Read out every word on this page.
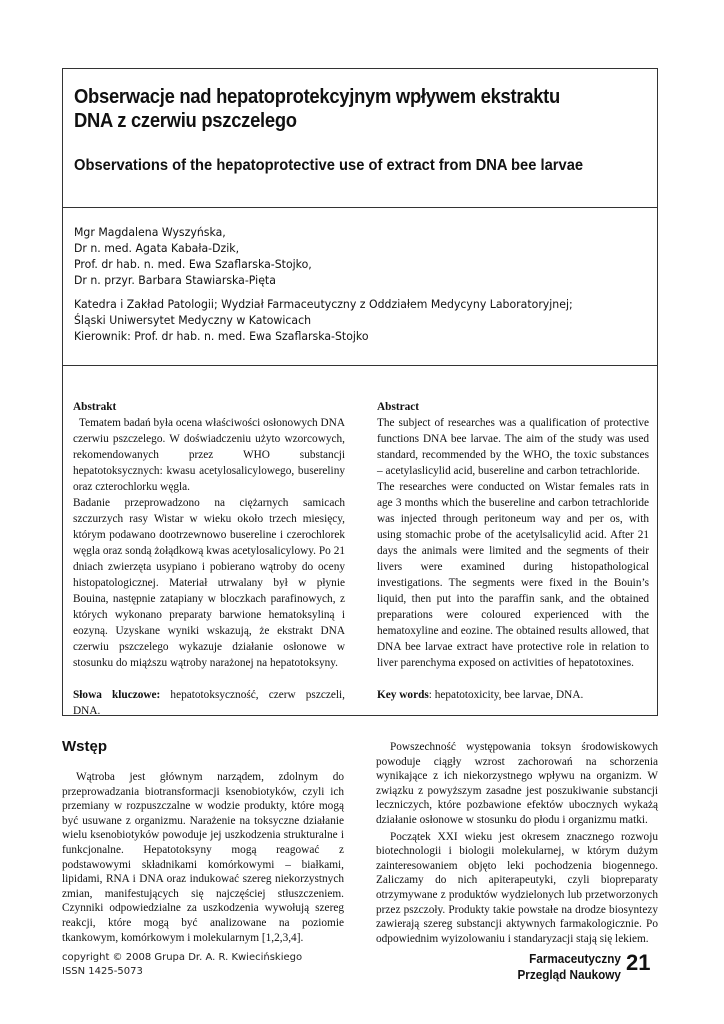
Obserwacje nad hepatoprotekcyjnym wpływem ekstraktu DNA z czerwiu pszczelego
Observations of the hepatoprotective use of extract from DNA bee larvae
Mgr Magdalena Wyszyńska,
Dr n. med. Agata Kabała-Dzik,
Prof. dr hab. n. med. Ewa Szaflarska-Stojko,
Dr n. przyr. Barbara Stawiarska-Pięta
Katedra i Zakład Patologii; Wydział Farmaceutyczny z Oddziałem Medycyny Laboratoryjnej;
Śląski Uniwersytet Medyczny w Katowicach
Kierownik: Prof. dr hab. n. med. Ewa Szaflarska-Stojko

Abstrakt

Tematem badań była ocena właściwości osłonowych DNA czerwiu pszczelego. W doświadczeniu użyto wzorcowych, rekomendowanych przez WHO substancji hepatotoksycznych: kwasu acetylosalicylowego, busereliny oraz czterochlorku węgla.

Badanie przeprowadzono na ciężarnych samicach szczurzych rasy Wistar w wieku około trzech miesięcy, którym podawano dootrzewnowo busereline i czerochlorek węgla oraz sondą żołądkową kwas acetylosalicylowy. Po 21 dniach zwierzęta usypiano i pobierano wątroby do oceny histopatologicznej. Materiał utrwalany był w płynie Bouina, następnie zatapiany w bloczkach parafinowych, z których wykonano preparaty barwione hematoksyliną i eozyną. Uzyskane wyniki wskazują, że ekstrakt DNA czerwiu pszczelego wykazuje działanie osłonowe w stosunku do miąższu wątroby narażonej na hepatotoksyny.

Słowa kluczowe: hepatotoksyczność, czerw pszczeli, DNA.

Abstract

The subject of researches was a qualification of protective functions DNA bee larvae. The aim of the study was used standard, recommended by the WHO, the toxic substances – acetylaslicylid acid, busereline and carbon tetrachloride.

The researches were conducted on Wistar females rats in age 3 months which the busereline and carbon tetrachloride was injected through peritoneum way and per os, with using stomachic probe of the acetylsalicylid acid. After 21 days the animals were limited and the segments of their livers were examined during histopathological investigations. The segments were fixed in the Bouin’s liquid, then put into the paraffin sank, and the obtained preparations were coloured experienced with the hematoxyline and eozine. The obtained results allowed, that DNA bee larvae extract have protective role in relation to liver parenchyma exposed on activities of hepatotoxines.

Key words: hepatotoxicity, bee larvae, DNA.

Wstęp

Wątroba jest głównym narządem, zdolnym do przeprowadzania biotransformacji ksenobiotyków, czyli ich przemiany w rozpuszczalne w wodzie produkty, które mogą być usuwane z organizmu. Narażenie na toksyczne działanie wielu ksenobiotyków powoduje jej uszkodzenia strukturalne i funkcjonalne. Hepatotoksyny mogą reagować z podstawowymi składnikami komórkowymi – białkami, lipidami, RNA i DNA oraz indukować szereg niekorzystnych zmian, manifestujących się najczęściej stłuszczeniem. Czynniki odpowiedzialne za uszkodzenia wywołują szereg reakcji, które mogą być analizowane na poziomie tkankowym, komórkowym i molekularnym [1,2,3,4].

Powszechność występowania toksyn środowiskowych powoduje ciągły wzrost zachorowań na schorzenia wynikające z ich niekorzystnego wpływu na organizm. W związku z powyższym zasadne jest poszukiwanie substancji leczniczych, które pozbawione efektów ubocznych wykażą działanie osłonowe w stosunku do płodu i organizmu matki.

Początek XXI wieku jest okresem znacznego rozwoju biotechnologii i biologii molekularnej, w którym dużym zainteresowaniem objęto leki pochodzenia biogennego. Zaliczamy do nich apiterapeutyki, czyli biopreparaty otrzymywane z produktów wydzielonych lub przetworzonych przez pszczoły. Produkty takie powstałe na drodze biosyntezy zawierają szereg substancji aktywnych farmakologicznie. Po odpowiednim wyizolowaniu i standaryzacji stają się lekiem.

copyright © 2008 Grupa Dr. A. R. Kwiecińskiego
ISSN 1425-5073
Farmaceutyczny
Przegląd Naukowy 21
